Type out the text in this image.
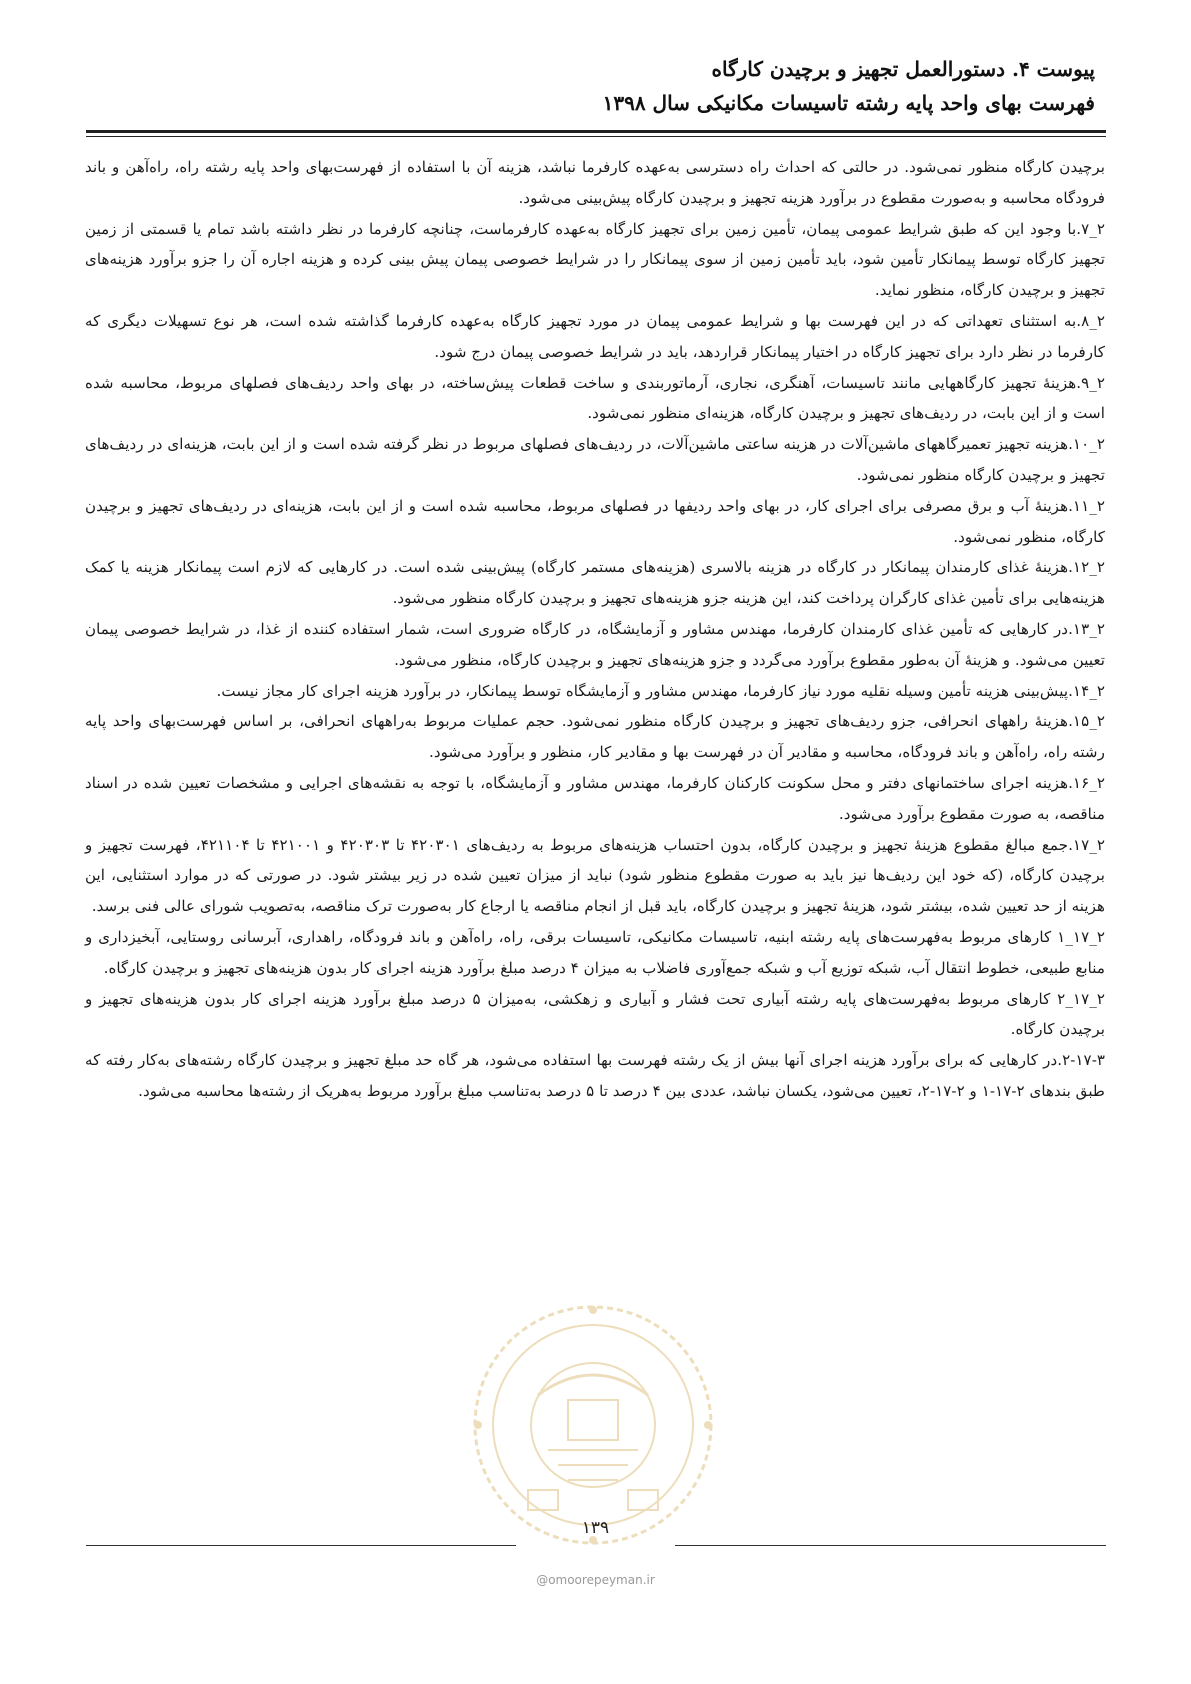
پیوست ۴. دستورالعمل تجهیز و برچیدن کارگاه
فهرست بهای واحد پایه رشته تاسیسات مکانیکی سال ۱۳۹۸

برچیدن کارگاه منظور نمی‌شود. در حالتی که احداث راه دسترسی به‌عهده کارفرما نباشد، هزینه آن با استفاده از فهرست‌بهای واحد پایه رشته راه، راه‌آهن و باند فرودگاه محاسبه و به‌صورت مقطوع در برآورد هزینه تجهیز و برچیدن کارگاه پیش‌بینی می‌شود.

۲_۷.با وجود این که طبق شرایط عمومی پیمان، تأمین زمین برای تجهیز کارگاه به‌عهده کارفرماست، چنانچه کارفرما در نظر داشته باشد تمام یا قسمتی از زمین تجهیز کارگاه توسط پیمانکار تأمین شود، باید تأمین زمین از سوی پیمانکار را در شرایط خصوصی پیمان پیش بینی کرده و هزینه اجاره آن را جزو برآورد هزینه‌های تجهیز و برچیدن کارگاه، منظور نماید.

۲_۸.به استثنای تعهداتی که در این فهرست بها و شرایط عمومی پیمان در مورد تجهیز کارگاه به‌عهده کارفرما گذاشته شده است، هر نوع تسهیلات دیگری که کارفرما در نظر دارد برای تجهیز کارگاه در اختیار پیمانکار قراردهد، باید در شرایط خصوصی پیمان درج شود.

۲_۹.هزینهٔ تجهیز کارگاههایی مانند تاسیسات، آهنگری، نجاری، آرماتوربندی و ساخت قطعات پیش‌ساخته، در بهای واحد ردیف‌های فصلهای مربوط، محاسبه شده است و از این بابت، در ردیف‌های تجهیز و برچیدن کارگاه، هزینه‌ای منظور نمی‌شود.

۲_۱۰.هزینه تجهیز تعمیرگاههای ماشین‌آلات در هزینه ساعتی ماشین‌آلات، در ردیف‌های فصلهای مربوط در نظر گرفته شده است و از این بابت، هزینه‌ای در ردیف‌های تجهیز و برچیدن کارگاه منظور نمی‌شود.

۲_۱۱.هزینهٔ آب و برق مصرفی برای اجرای کار، در بهای واحد ردیفها در فصلهای مربوط، محاسبه شده است و از این بابت، هزینه‌ای در ردیف‌های تجهیز و برچیدن کارگاه، منظور نمی‌شود.

۲_۱۲.هزینهٔ غذای کارمندان پیمانکار در کارگاه در هزینه بالاسری (هزینه‌های مستمر کارگاه) پیش‌بینی شده است. در کارهایی که لازم است پیمانکار هزینه یا کمک هزینه‌هایی برای تأمین غذای کارگران پرداخت کند، این هزینه جزو هزینه‌های تجهیز و برچیدن کارگاه منظور می‌شود.

۲_۱۳.در کارهایی که تأمین غذای کارمندان کارفرما، مهندس مشاور و آزمایشگاه، در کارگاه ضروری است، شمار استفاده کننده از غذا، در شرایط خصوصی پیمان تعیین می‌شود. و هزینهٔ آن به‌طور مقطوع برآورد می‌گردد و جزو هزینه‌های تجهیز و برچیدن کارگاه، منظور می‌شود.

۲_۱۴.پیش‌بینی هزینه تأمین وسیله نقلیه مورد نیاز کارفرما، مهندس مشاور و آزمایشگاه توسط پیمانکار، در برآورد هزینه اجرای کار مجاز نیست.

۲_۱۵.هزینهٔ راههای انحرافی، جزو ردیف‌های تجهیز و برچیدن کارگاه منظور نمی‌شود. حجم عملیات مربوط به‌راههای انحرافی، بر اساس فهرست‌بهای واحد پایه رشته راه، راه‌آهن و باند فرودگاه، محاسبه و مقادیر آن در فهرست بها و مقادیر کار، منظور و برآورد می‌شود.

۲_۱۶.هزینه اجرای ساختمانهای دفتر و محل سکونت کارکنان کارفرما، مهندس مشاور و آزمایشگاه، با توجه به نقشه‌های اجرایی و مشخصات تعیین شده در اسناد مناقصه، به صورت مقطوع برآورد می‌شود.

۲_۱۷.جمع مبالغ مقطوع هزینهٔ تجهیز و برچیدن کارگاه، بدون احتساب هزینه‌های مربوط به ردیف‌های ۴۲۰۳۰۱ تا ۴۲۰۳۰۳ و ۴۲۱۰۰۱ تا ۴۲۱۱۰۴، فهرست تجهیز و برچیدن کارگاه، (که خود این ردیف‌ها نیز باید به صورت مقطوع منظور شود) نباید از میزان تعیین شده در زیر بیشتر شود. در صورتی که در موارد استثنایی، این هزینه از حد تعیین شده، بیشتر شود، هزینهٔ تجهیز و برچیدن کارگاه، باید قبل از انجام مناقصه یا ارجاع کار به‌صورت ترک مناقصه، به‌تصویب شورای عالی فنی برسد.

۲_۱۷_۱ کارهای مربوط به‌فهرست‌های پایه رشته ابنیه، تاسیسات مکانیکی، تاسیسات برقی، راه، راه‌آهن و باند فرودگاه، راهداری، آبرسانی روستایی، آبخیزداری و منابع طبیعی، خطوط انتقال آب، شبکه توزیع آب و شبکه جمع‌آوری فاضلاب به میزان ۴ درصد مبلغ برآورد هزینه اجرای کار بدون هزینه‌های تجهیز و برچیدن کارگاه.

۲_۱۷_۲ کارهای مربوط به‌فهرست‌های پایه رشته آبیاری تحت فشار و آبیاری و زهکشی، به‌میزان ۵ درصد مبلغ برآورد هزینه اجرای کار بدون هزینه‌های تجهیز و برچیدن کارگاه.

۲-۱۷-۳.در کارهایی که برای برآورد هزینه اجرای آنها بیش از یک رشته فهرست بها استفاده می‌شود، هر گاه حد مبلغ تجهیز و برچیدن کارگاه رشته‌های به‌کار رفته که طبق بندهای ۲-۱۷-۱ و ۲-۱۷-۲، تعیین می‌شود، یکسان نباشد، عددی بین ۴ درصد تا ۵ درصد به‌تناسب مبلغ برآورد مربوط به‌هریک از رشته‌ها محاسبه می‌شود.

۱۳۹
@omoorepeyman.ir
